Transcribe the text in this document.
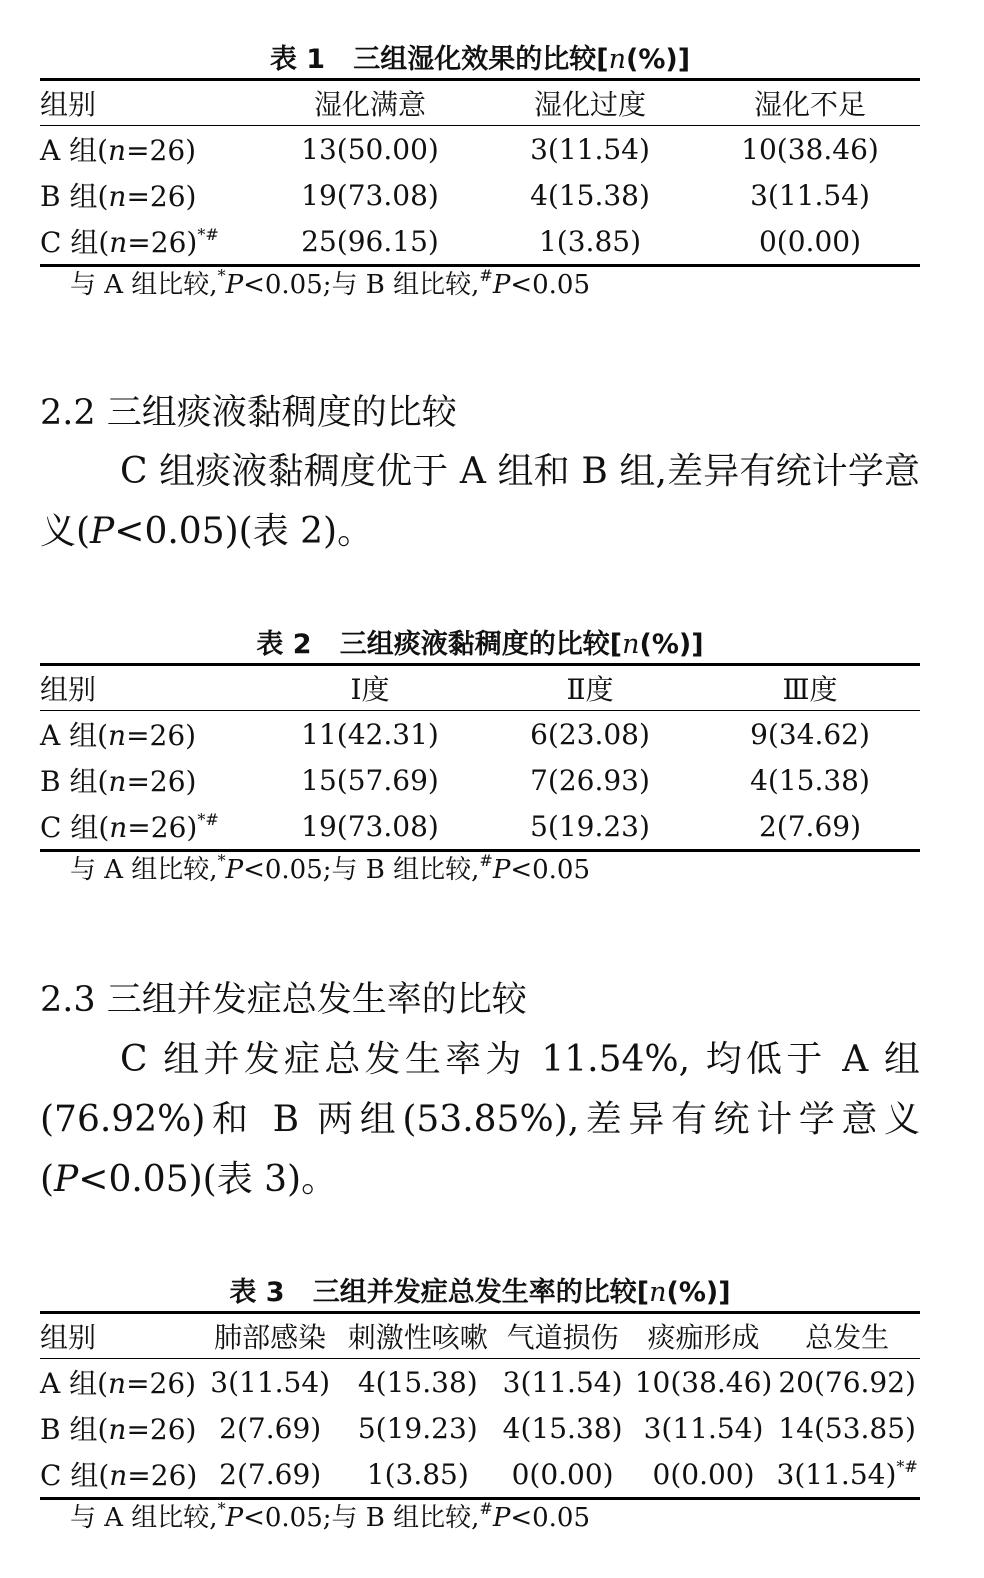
表 1 三组湿化效果的比较[n(%)]
组别	湿化满意	湿化过度	湿化不足
A 组(n=26)	13(50.00)	3(11.54)	10(38.46)
B 组(n=26)	19(73.08)	4(15.38)	3(11.54)
C 组(n=26)*#	25(96.15)	1(3.85)	0(0.00)
与 A 组比较,*P<0.05;与 B 组比较,#P<0.05
2.2 三组痰液黏稠度的比较
C 组痰液黏稠度优于 A 组和 B 组,差异有统计学意义(P<0.05)(表 2)。
表 2 三组痰液黏稠度的比较[n(%)]
组别	Ⅰ度	Ⅱ度	Ⅲ度
A 组(n=26)	11(42.31)	6(23.08)	9(34.62)
B 组(n=26)	15(57.69)	7(26.93)	4(15.38)
C 组(n=26)*#	19(73.08)	5(19.23)	2(7.69)
与 A 组比较,*P<0.05;与 B 组比较,#P<0.05
2.3 三组并发症总发生率的比较
C 组并发症总发生率为 11.54%, 均低于 A 组(76.92%)和 B 两组(53.85%),差异有统计学意义(P<0.05)(表 3)。
表 3 三组并发症总发生率的比较[n(%)]
组别	肺部感染	刺激性咳嗽	气道损伤	痰痂形成	总发生
A 组(n=26)	3(11.54)	4(15.38)	3(11.54)	10(38.46)	20(76.92)
B 组(n=26)	2(7.69)	5(19.23)	4(15.38)	3(11.54)	14(53.85)
C 组(n=26)	2(7.69)	1(3.85)	0(0.00)	0(0.00)	3(11.54)*#
与 A 组比较,*P<0.05;与 B 组比较,#P<0.05
